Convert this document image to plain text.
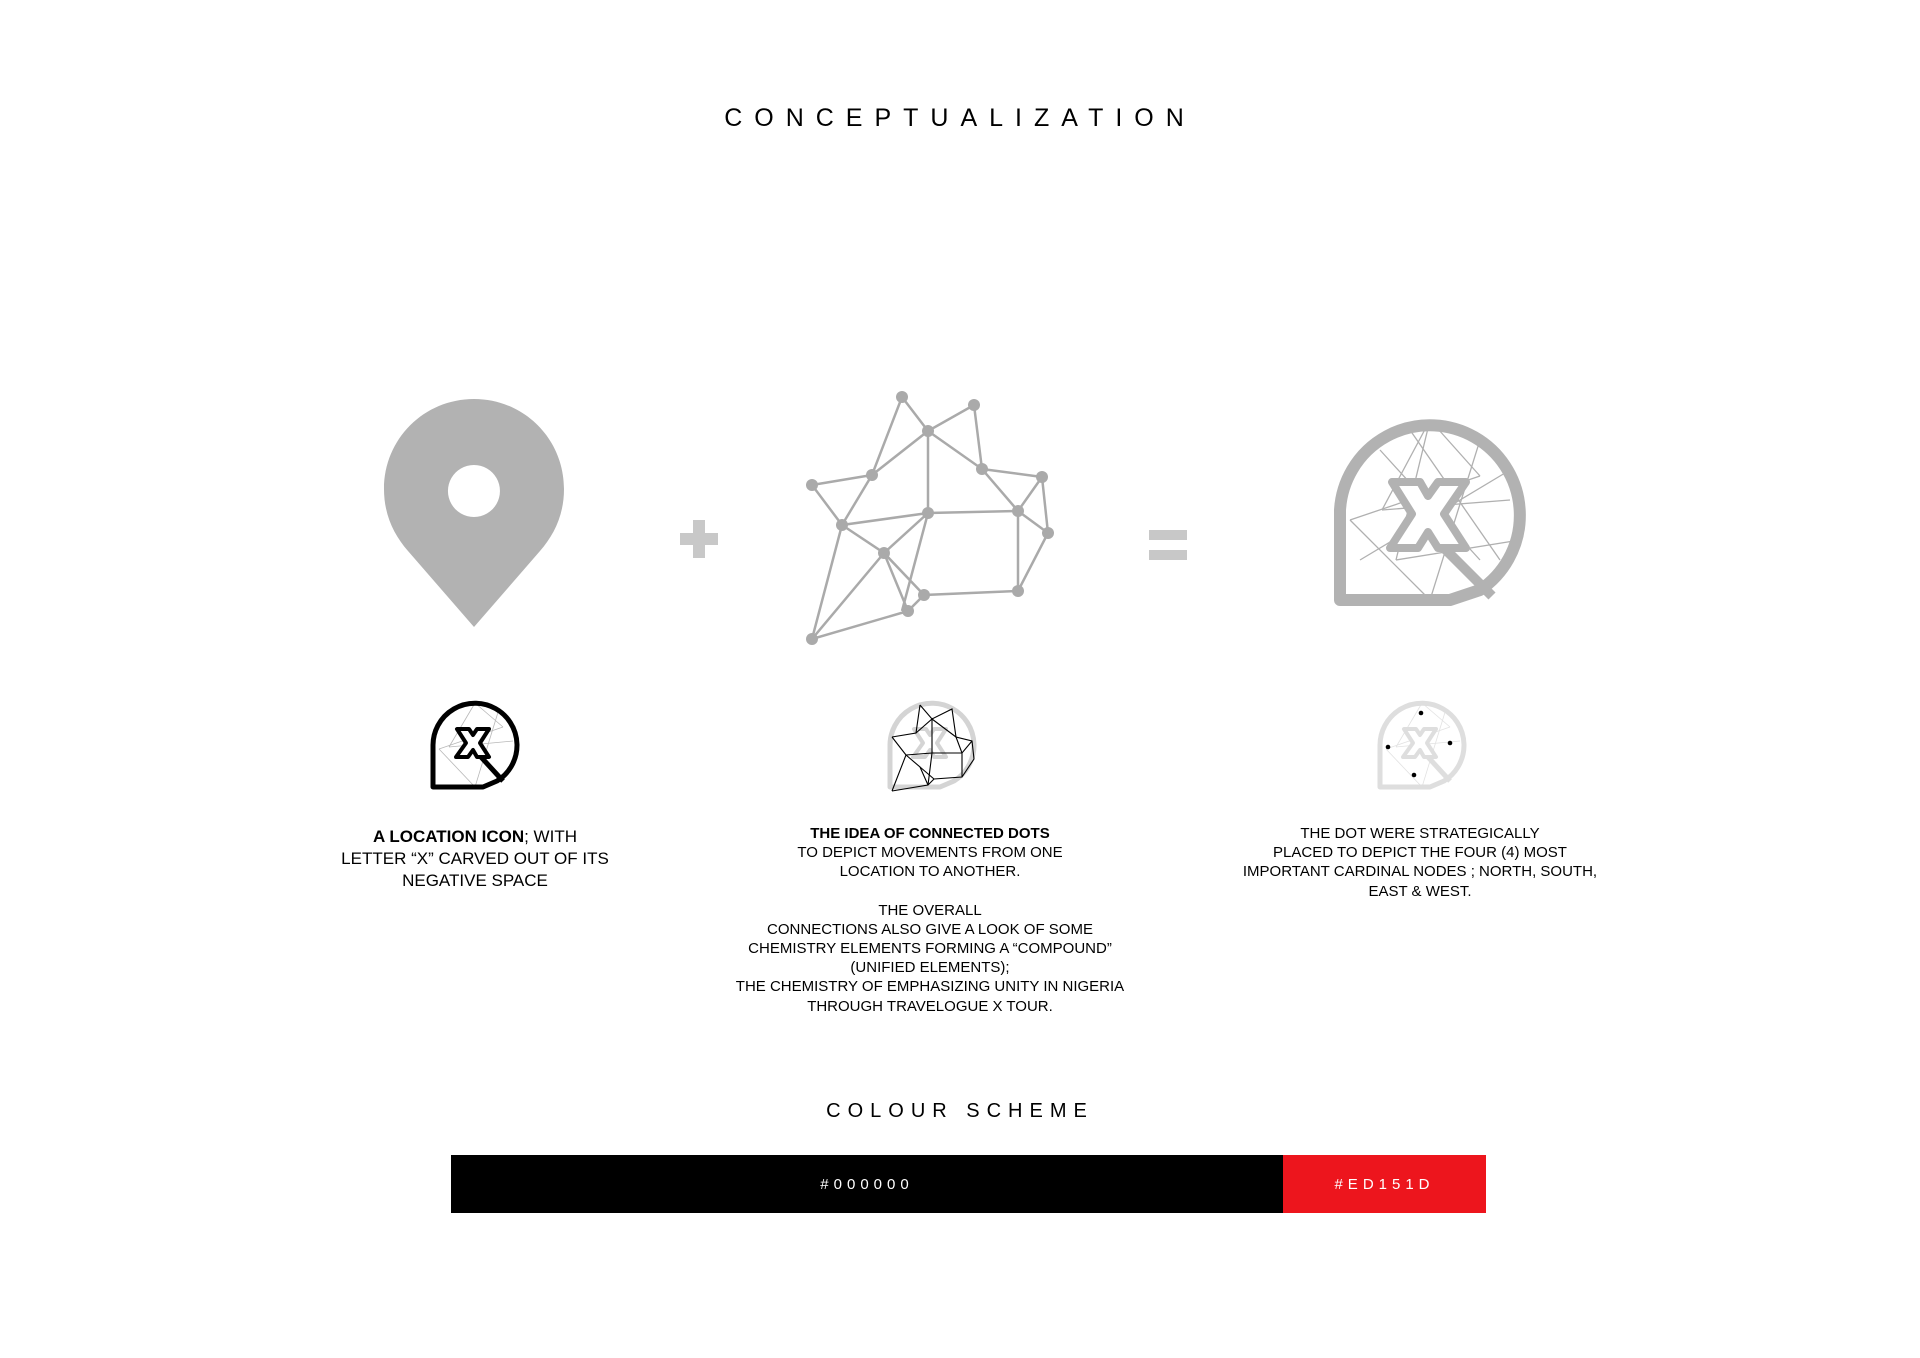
CONCEPTUALIZATION
A LOCATION ICON; WITH
LETTER “X” CARVED OUT OF ITS
NEGATIVE SPACE
THE IDEA OF CONNECTED DOTS
TO DEPICT MOVEMENTS FROM ONE
LOCATION TO ANOTHER.
THE OVERALL
CONNECTIONS ALSO GIVE A LOOK OF SOME
CHEMISTRY ELEMENTS FORMING A “COMPOUND”
(UNIFIED ELEMENTS);
THE CHEMISTRY OF EMPHASIZING UNITY IN NIGERIA
THROUGH TRAVELOGUE X TOUR.
THE DOT WERE STRATEGICALLY
PLACED TO DEPICT THE FOUR (4) MOST
IMPORTANT CARDINAL NODES ; NORTH, SOUTH,
EAST & WEST.
COLOUR SCHEME
#000000	#ED151D
